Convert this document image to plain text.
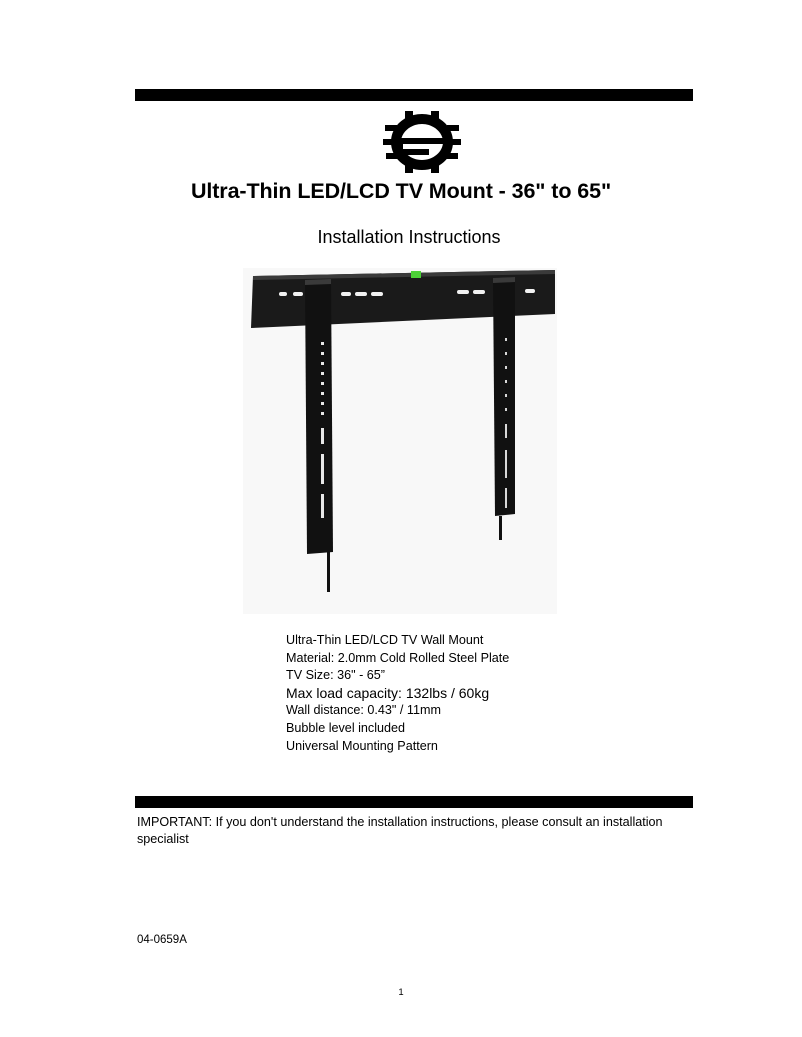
Ultra-Thin LED/LCD TV Mount - 36" to 65"
Installation Instructions
Ultra-Thin LED/LCD TV Wall Mount
Material: 2.0mm Cold Rolled Steel Plate
TV Size: 36" - 65”
Max load capacity: 132lbs / 60kg
Wall distance: 0.43" / 11mm
Bubble level included
Universal Mounting Pattern
IMPORTANT: If you don't understand the installation instructions, please consult an installation specialist
04-0659A
1
